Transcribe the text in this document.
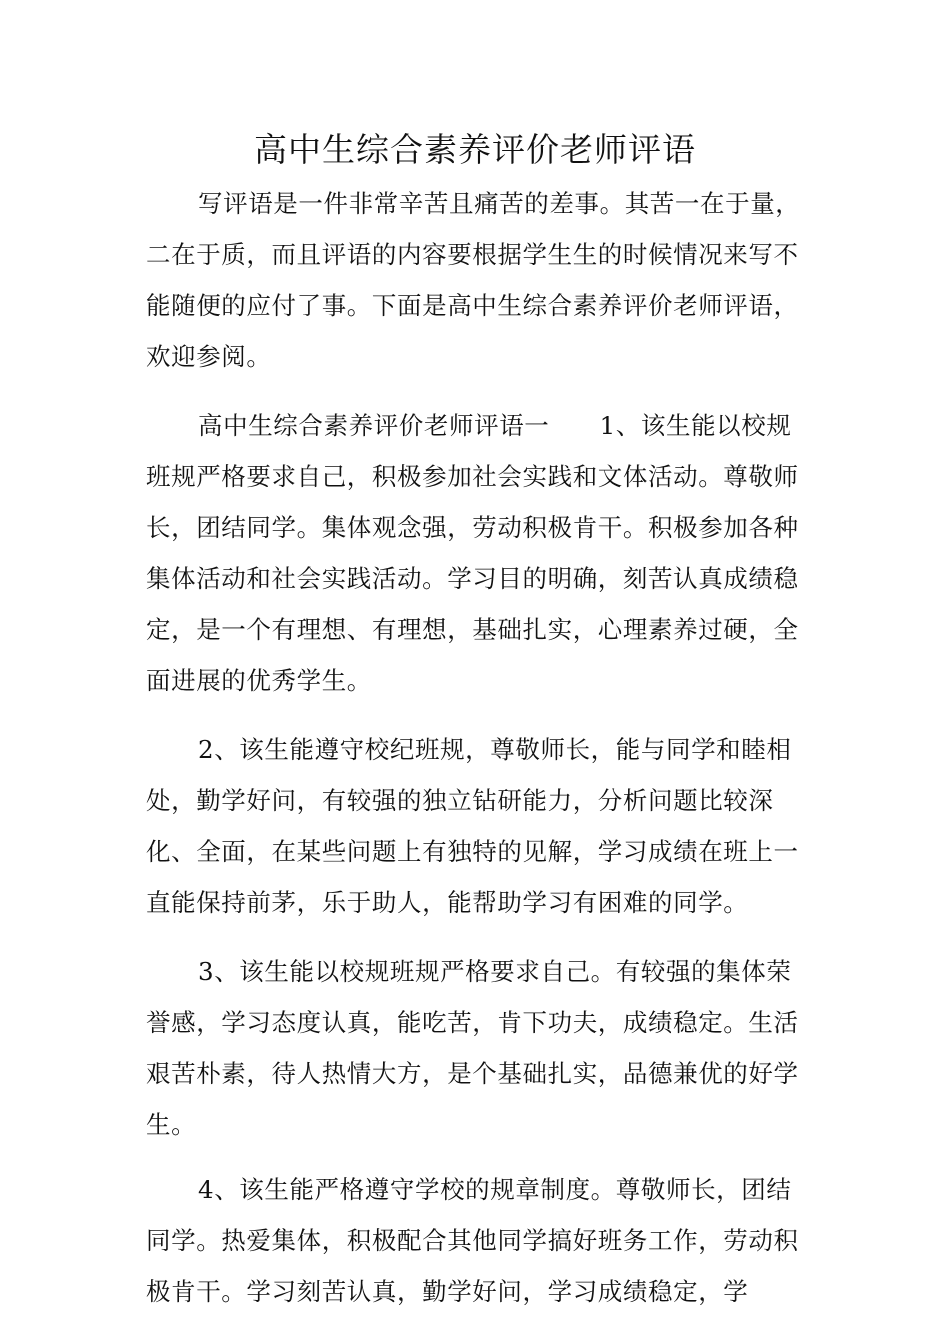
高中生综合素养评价老师评语

写评语是一件非常辛苦且痛苦的差事。其苦一在于量，二在于质，而且评语的内容要根据学生生的时候情况来写不能随便的应付了事。下面是高中生综合素养评价老师评语，欢迎参阅。

高中生综合素养评价老师评语一　　1、该生能以校规班规严格要求自己，积极参加社会实践和文体活动。尊敬师长，团结同学。集体观念强，劳动积极肯干。积极参加各种集体活动和社会实践活动。学习目的明确，刻苦认真成绩稳定，是一个有理想、有理想，基础扎实，心理素养过硬，全面进展的优秀学生。

2、该生能遵守校纪班规，尊敬师长，能与同学和睦相处，勤学好问，有较强的独立钻研能力，分析问题比较深化、全面，在某些问题上有独特的见解，学习成绩在班上一直能保持前茅，乐于助人，能帮助学习有困难的同学。

3、该生能以校规班规严格要求自己。有较强的集体荣誉感，学习态度认真，能吃苦，肯下功夫，成绩稳定。生活艰苦朴素，待人热情大方，是个基础扎实，品德兼优的好学生。

4、该生能严格遵守学校的规章制度。尊敬师长，团结同学。热爱集体，积极配合其他同学搞好班务工作，劳动积极肯干。学习刻苦认真，勤学好问，学习成绩稳定，学
